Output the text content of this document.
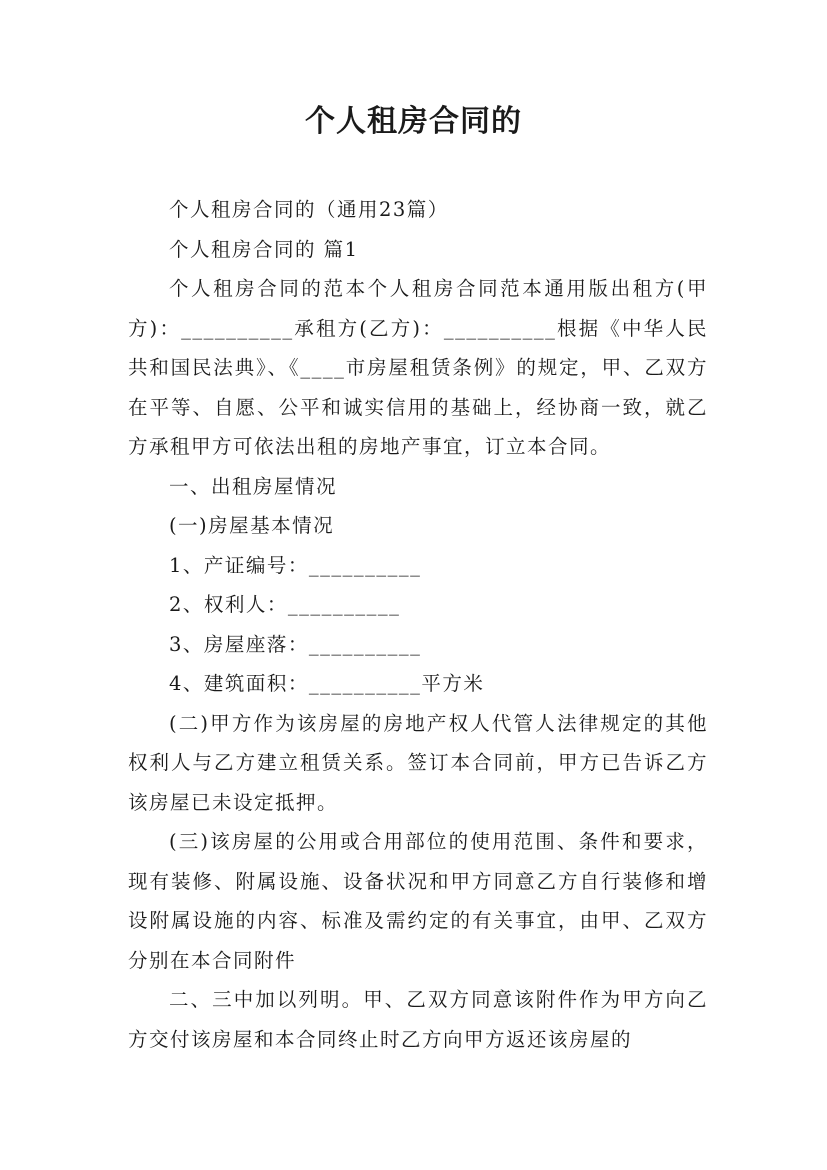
个人租房合同的

个人租房合同的（通用23篇）

个人租房合同的 篇1

个人租房合同的范本个人租房合同范本通用版出租方(甲方)：__________承租方(乙方)：__________根据《中华人民共和国民法典》、《____市房屋租赁条例》的规定，甲、乙双方在平等、自愿、公平和诚实信用的基础上，经协商一致，就乙方承租甲方可依法出租的房地产事宜，订立本合同。

一、出租房屋情况

(一)房屋基本情况

1、产证编号：__________

2、权利人：__________

3、房屋座落：__________

4、建筑面积：__________平方米

(二)甲方作为该房屋的房地产权人代管人法律规定的其他权利人与乙方建立租赁关系。签订本合同前，甲方已告诉乙方该房屋已未设定抵押。

(三)该房屋的公用或合用部位的使用范围、条件和要求，现有装修、附属设施、设备状况和甲方同意乙方自行装修和增设附属设施的内容、标准及需约定的有关事宜，由甲、乙双方分别在本合同附件

二、三中加以列明。甲、乙双方同意该附件作为甲方向乙方交付该房屋和本合同终止时乙方向甲方返还该房屋的
